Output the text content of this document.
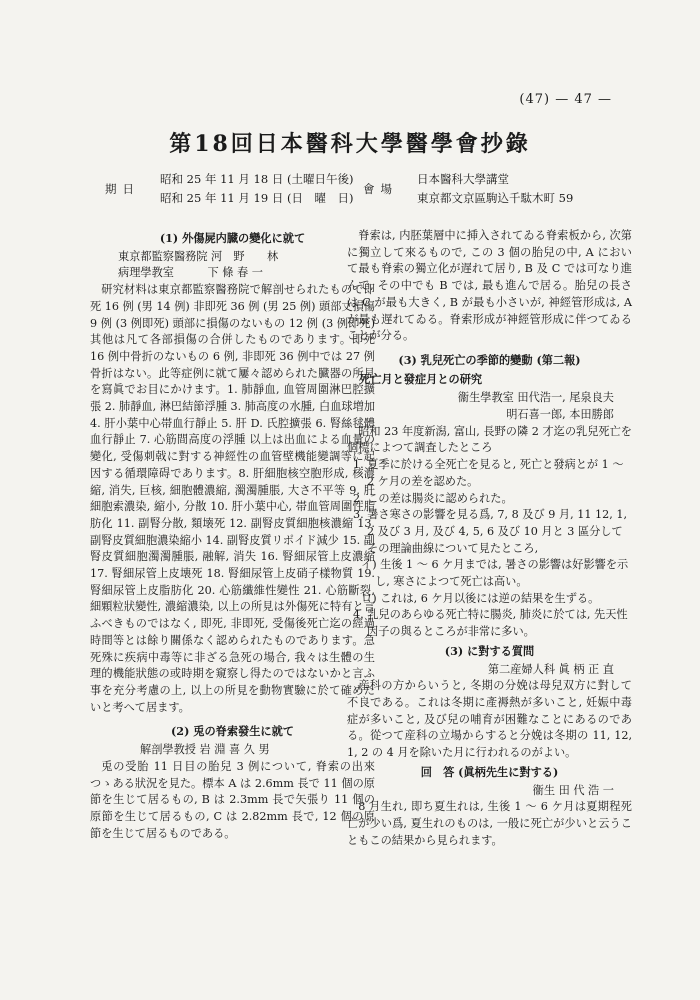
(47) — 47 —
第18回日本醫科大學醫學會抄錄
期日
昭和 25 年 11 月 18 日 (土曜日午後)
昭和 25 年 11 月 19 日 (日　曜　日)
會場
日本醫科大學講堂
東京都文京區駒込千駄木町 59
(1) 外傷屍内臓の變化に就て
東京都監察醫務院 河　野　　林
病理學教室　　　下 條 春 一

研究材料は東京都監察醫務院で解剖せられたもので即死 16 例 (男 14 例) 非即死 36 例 (男 25 例) 頭部丈損傷 9 例 (3 例即死) 頭部に損傷のないもの 12 例 (3 例即死) 其他は凡て各部損傷の合併したものであります。即死 16 例中骨折のないもの 6 例, 非即死 36 例中では 27 例骨折はない。此等症例に就て屢々認められた臓器の所見を寫眞でお目にかけます。1. 肺靜血, 血管周圍淋巴腔擴張 2. 肺靜血, 淋巴結節浮腫 3. 肺高度の水腫, 白血球増加 4. 肝小葉中心帯血行靜止 5. 肝 D. 氏腔擴張 6. 腎絲毬體血行靜止 7. 心筋間高度の浮腫 以上は出血による血量の變化, 受傷刺戟に對する神經性の血管壁機能變調等に起因する循環障碍であります。8. 肝細胞核空胞形成, 核濃縮, 消失, 巨核, 細胞體濃縮, 濁濁腫脹, 大さ不平等 9. 肝細胞索濃染, 縮小, 分散 10. 肝小葉中心, 帯血管周圍性脂肪化 11. 副腎分散, 類壊死 12. 副腎皮質細胞核濃縮 13. 副腎皮質細胞濃染縮小 14. 副腎皮質リポイド減少 15. 副腎皮質細胞濁濁腫脹, 融解, 消失 16. 腎細尿管上皮濃縮 17. 腎細尿管上皮壊死 18. 腎細尿管上皮硝子樣物質 19. 腎細尿管上皮脂肪化 20. 心筋纖維性變性 21. 心筋斷裂, 細顆粒狀變性, 濃縮濃染, 以上の所見は外傷死に特有と言ふべきものではなく, 即死, 非即死, 受傷後死亡迄の經過時間等とは餘り關係なく認められたものであります。急死殊に疾病中毒等に非ざる急死の場合, 我々は生體の生理的機能狀態の或時期を窺察し得たのではないかと言ふ事を充分考慮の上, 以上の所見を動物實驗に於て確めたいと考へて居ます。

(2) 兎の脊索發生に就て
解剖學教授 岩 淵 喜 久 男

兎の受胎 11 日目の胎兒 3 例について, 脊索の出來つゝある狀況を見た。標本 A は 2.6mm 長で 11 個の原節を生じて居るもの, B は 2.3mm 長で矢張り 11 個の原節を生じて居るもの, C は 2.82mm 長で, 12 個の原節を生じて居るものである。

脊索は, 内胚葉層中に挿入されてゐる脊索板から, 次第に獨立して來るもので, この 3 個の胎兒の中, A において最も脊索の獨立化が遅れて居り, B 及 C では可なり進んで, その中でも B では, 最も進んで居る。胎兒の長さは C が最も大きく, B が最も小さいが, 神經管形成は, A が最も遅れてゐる。脊索形成が神經管形成に伴つてゐることが分る。

(3) 乳兒死亡の季節的變動 (第二報)
死亡月と發症月との研究
衞生學教室 田代浩一, 尾泉良夫
明石喜一郎, 本田勝郎

昭和 23 年度新潟, 富山, 長野の隣 2 才迄の乳兒死亡を個標によつて調査したところ

1. 夏季に於ける全死亡を見ると, 死亡と發病とが 1 ～ 2 ケ月の差を認めた。

2. この差は腸炎に認められた。

3. 暑さ寒さの影響を見る爲, 7, 8 及び 9 月, 11 12, 1, 2 及び 3 月, 及び 4, 5, 6 及び 10 月と 3 區分してその理論曲線について見たところ,

イ) 生後 1 ～ 6 ケ月までは, 暑さの影響は好影響を示し, 寒さによつて死亡は高い。

ロ) これは, 6 ケ月以後には逆の結果を生ずる。

4. 乳兒のあらゆる死亡特に腸炎, 肺炎に於ては, 先天性因子の與るところが非常に多い。

(3) に對する質問
第二産婦人科 眞 柄 正 直

産科の方からいうと, 冬期の分娩は母兒双方に對して不良である。これは冬期に產褥熱が多いこと, 妊娠中毒症が多いこと, 及び兒の哺育が困難なことにあるのである。從つて産科の立場からすると分娩は冬期の 11, 12, 1, 2 の 4 月を除いた月に行われるのがよい。

回　答 (眞柄先生に對する)
衞生 田 代 浩 一

8 月生れ, 即ち夏生れは, 生後 1 ～ 6 ケ月は夏期程死亡が少い爲, 夏生れのものは, 一般に死亡が少いと云うこともこの結果から見られます。
